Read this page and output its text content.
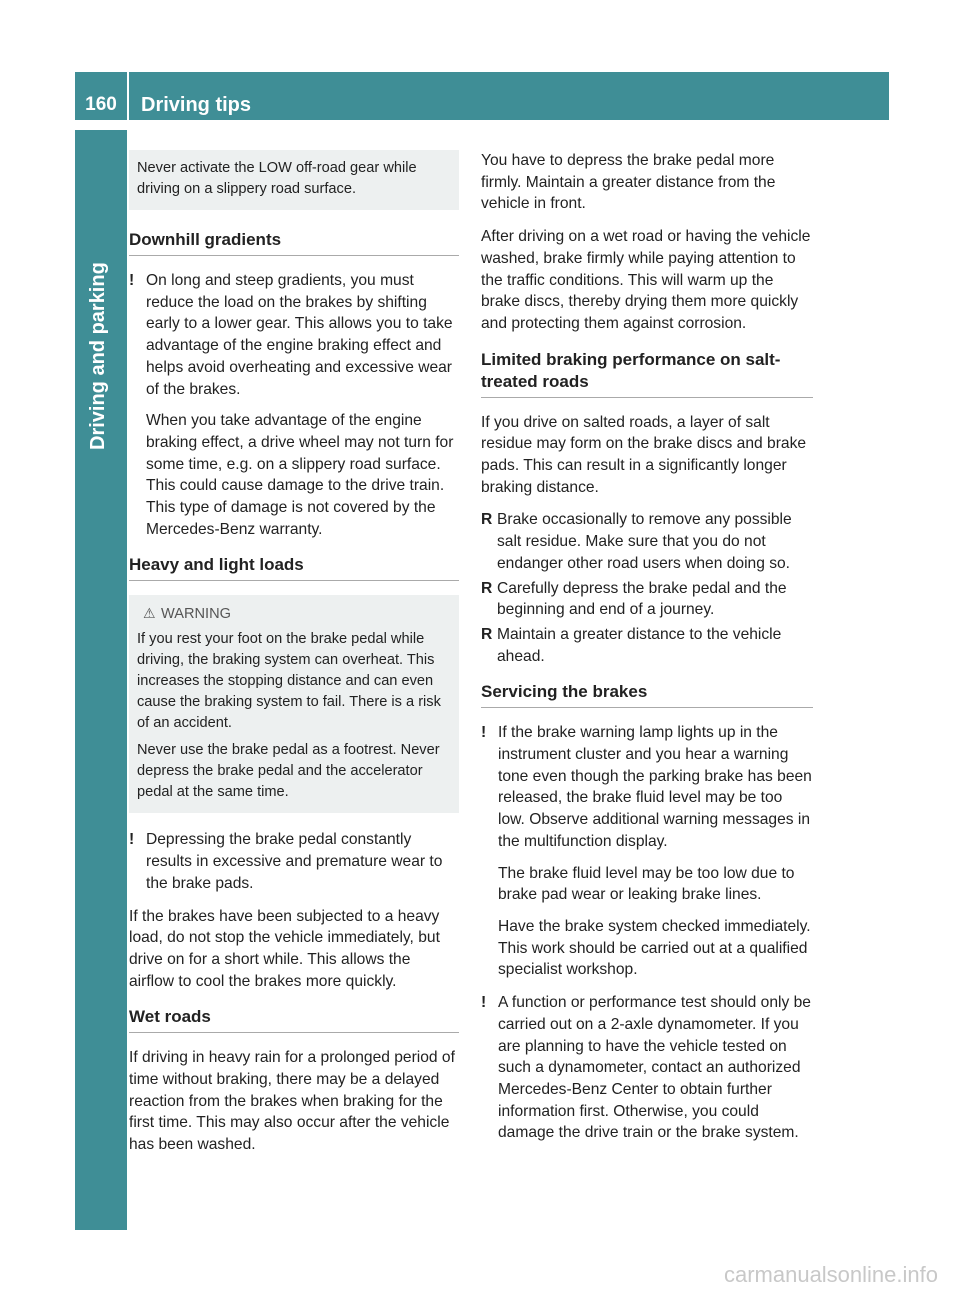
160	Driving tips
Driving and parking

Never activate the LOW off-road gear while driving on a slippery road surface.

Downhill gradients
! On long and steep gradients, you must reduce the load on the brakes by shifting early to a lower gear. This allows you to take advantage of the engine braking effect and helps avoid overheating and excessive wear of the brakes.

When you take advantage of the engine braking effect, a drive wheel may not turn for some time, e.g. on a slippery road surface. This could cause damage to the drive train. This type of damage is not covered by the Mercedes-Benz warranty.

Heavy and light loads

⚠ WARNING

If you rest your foot on the brake pedal while driving, the braking system can overheat. This increases the stopping distance and can even cause the braking system to fail. There is a risk of an accident.

Never use the brake pedal as a footrest. Never depress the brake pedal and the accelerator pedal at the same time.

! Depressing the brake pedal constantly results in excessive and premature wear to the brake pads.

If the brakes have been subjected to a heavy load, do not stop the vehicle immediately, but drive on for a short while. This allows the airflow to cool the brakes more quickly.

Wet roads

If driving in heavy rain for a prolonged period of time without braking, there may be a delayed reaction from the brakes when braking for the first time. This may also occur after the vehicle has been washed.

You have to depress the brake pedal more firmly. Maintain a greater distance from the vehicle in front.

After driving on a wet road or having the vehicle washed, brake firmly while paying attention to the traffic conditions. This will warm up the brake discs, thereby drying them more quickly and protecting them against corrosion.

Limited braking performance on salt-treated roads

If you drive on salted roads, a layer of salt residue may form on the brake discs and brake pads. This can result in a significantly longer braking distance.

R Brake occasionally to remove any possible salt residue. Make sure that you do not endanger other road users when doing so.
R Carefully depress the brake pedal and the beginning and end of a journey.
R Maintain a greater distance to the vehicle ahead.
Servicing the brakes
! If the brake warning lamp lights up in the instrument cluster and you hear a warning tone even though the parking brake has been released, the brake fluid level may be too low. Observe additional warning messages in the multifunction display.

The brake fluid level may be too low due to brake pad wear or leaking brake lines.

Have the brake system checked immediately. This work should be carried out at a qualified specialist workshop.

! A function or performance test should only be carried out on a 2-axle dynamometer. If you are planning to have the vehicle tested on such a dynamometer, contact an authorized Mercedes-Benz Center to obtain further information first. Otherwise, you could damage the drive train or the brake system.

carmanualsonline.info
